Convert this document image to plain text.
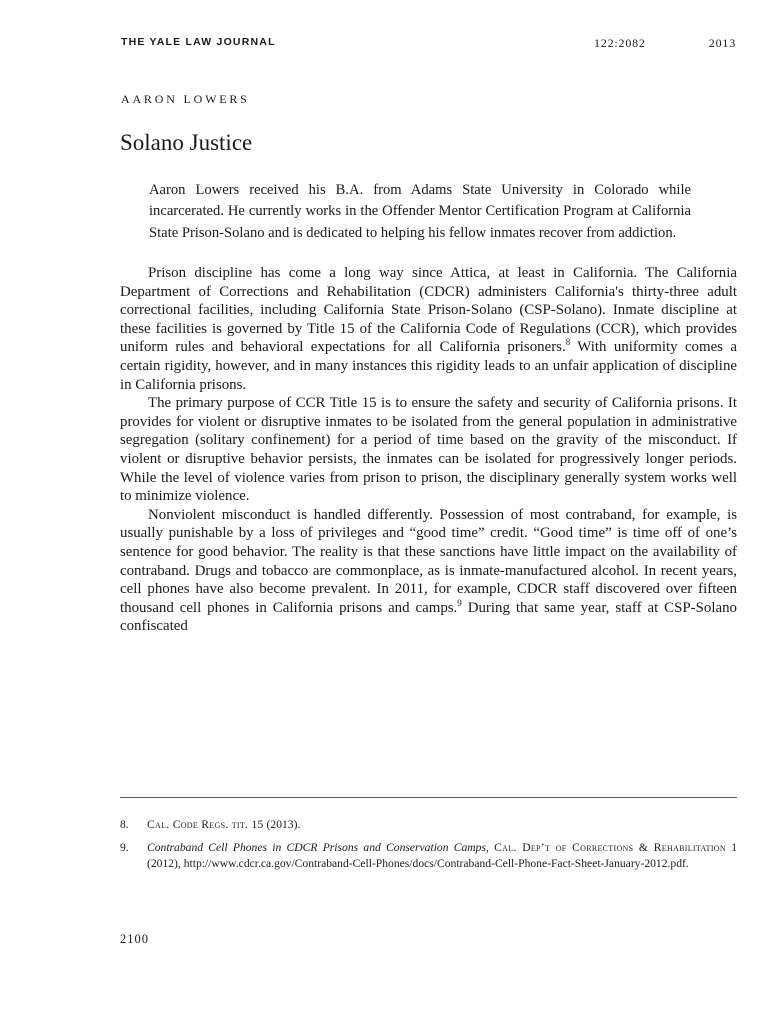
THE YALE LAW JOURNAL	122:2082	2013
AARON LOWERS
Solano Justice

Aaron Lowers received his B.A. from Adams State University in Colorado while incarcerated. He currently works in the Offender Mentor Certification Program at California State Prison-Solano and is dedicated to helping his fellow inmates recover from addiction.

Prison discipline has come a long way since Attica, at least in California. The California Department of Corrections and Rehabilitation (CDCR) administers California's thirty-three adult correctional facilities, including California State Prison-Solano (CSP-Solano). Inmate discipline at these facilities is governed by Title 15 of the California Code of Regulations (CCR), which provides uniform rules and behavioral expectations for all California prisoners.$^8$ With uniformity comes a certain rigidity, however, and in many instances this rigidity leads to an unfair application of discipline in California prisons.

The primary purpose of CCR Title 15 is to ensure the safety and security of California prisons. It provides for violent or disruptive inmates to be isolated from the general population in administrative segregation (solitary confinement) for a period of time based on the gravity of the misconduct. If violent or disruptive behavior persists, the inmates can be isolated for progressively longer periods. While the level of violence varies from prison to prison, the disciplinary generally system works well to minimize violence.

Nonviolent misconduct is handled differently. Possession of most contraband, for example, is usually punishable by a loss of privileges and “good time” credit. “Good time” is time off of one’s sentence for good behavior. The reality is that these sanctions have little impact on the availability of contraband. Drugs and tobacco are commonplace, as is inmate-manufactured alcohol. In recent years, cell phones have also become prevalent. In 2011, for example, CDCR staff discovered over fifteen thousand cell phones in California prisons and camps.$^9$ During that same year, staff at CSP-Solano confiscated

8. Cal. Code Regs. tit. 15 (2013).
9. Contraband Cell Phones in CDCR Prisons and Conservation Camps, Cal. Dep’t of Corrections & Rehabilitation 1 (2012), http://www.cdcr.ca.gov/Contraband-Cell-Phones/docs/Contraband-Cell-Phone-Fact-Sheet-January-2012.pdf.
2100
